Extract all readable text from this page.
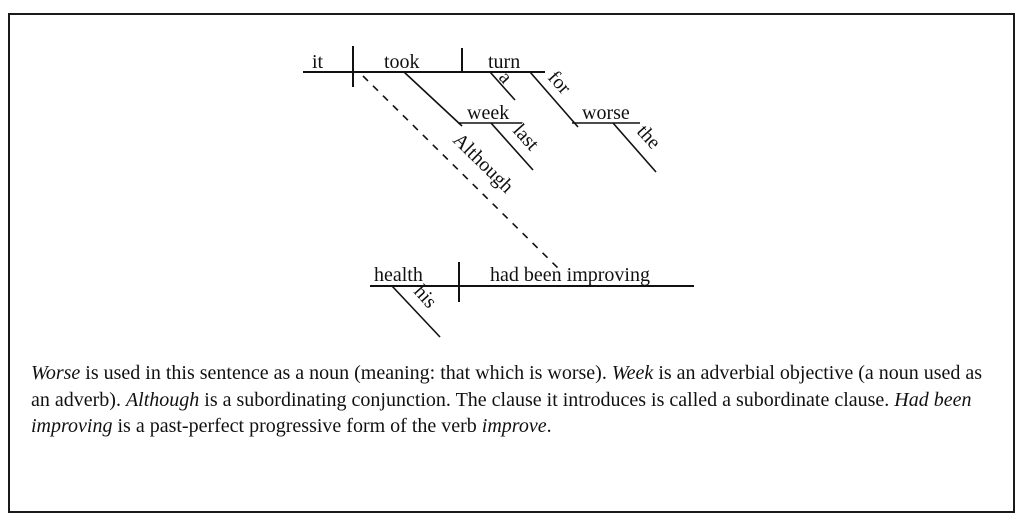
it	took	turn
a for
worse
the
week
last
Although
health	had been improving
his
Worse is used in this sentence as a noun (meaning: that which is worse). Week is an adverbial objective (a noun used as an adverb). Although is a subordinating conjunction. The clause it introduces is called a subordinate clause. Had been improving is a past-perfect progressive form of the verb improve.
